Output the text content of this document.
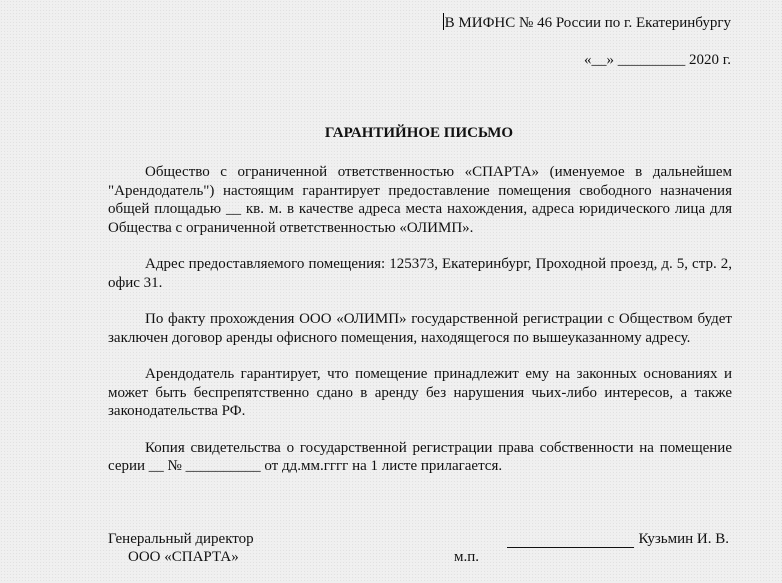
В МИФНС № 46 России по г. Екатеринбургу
«__» _________ 2020 г.
ГАРАНТИЙНОЕ ПИСЬМО

Общество с ограниченной ответственностью «СПАРТА» (именуемое в дальнейшем "Арендодатель") настоящим гарантирует предоставление помещения свободного назначения общей площадью __ кв. м. в качестве адреса места нахождения, адреса юридического лица для Общества с ограниченной ответственностью «ОЛИМП».

Адрес предоставляемого помещения: 125373, Екатеринбург, Проходной проезд, д. 5, стр. 2, офис 31.

По факту прохождения ООО «ОЛИМП» государственной регистрации с Обществом будет заключен договор аренды офисного помещения, находящегося по вышеуказанному адресу.

Арендодатель гарантирует, что помещение принадлежит ему на законных основаниях и может быть беспрепятственно сдано в аренду без нарушения чьих-либо интересов, а также законодательства РФ.

Копия свидетельства о государственной регистрации права собственности на помещение серии __ № __________ от дд.мм.гггг на 1 листе прилагается.

Генеральный директор
ООО «СПАРТА»
Кузьмин И. В.
м.п.
